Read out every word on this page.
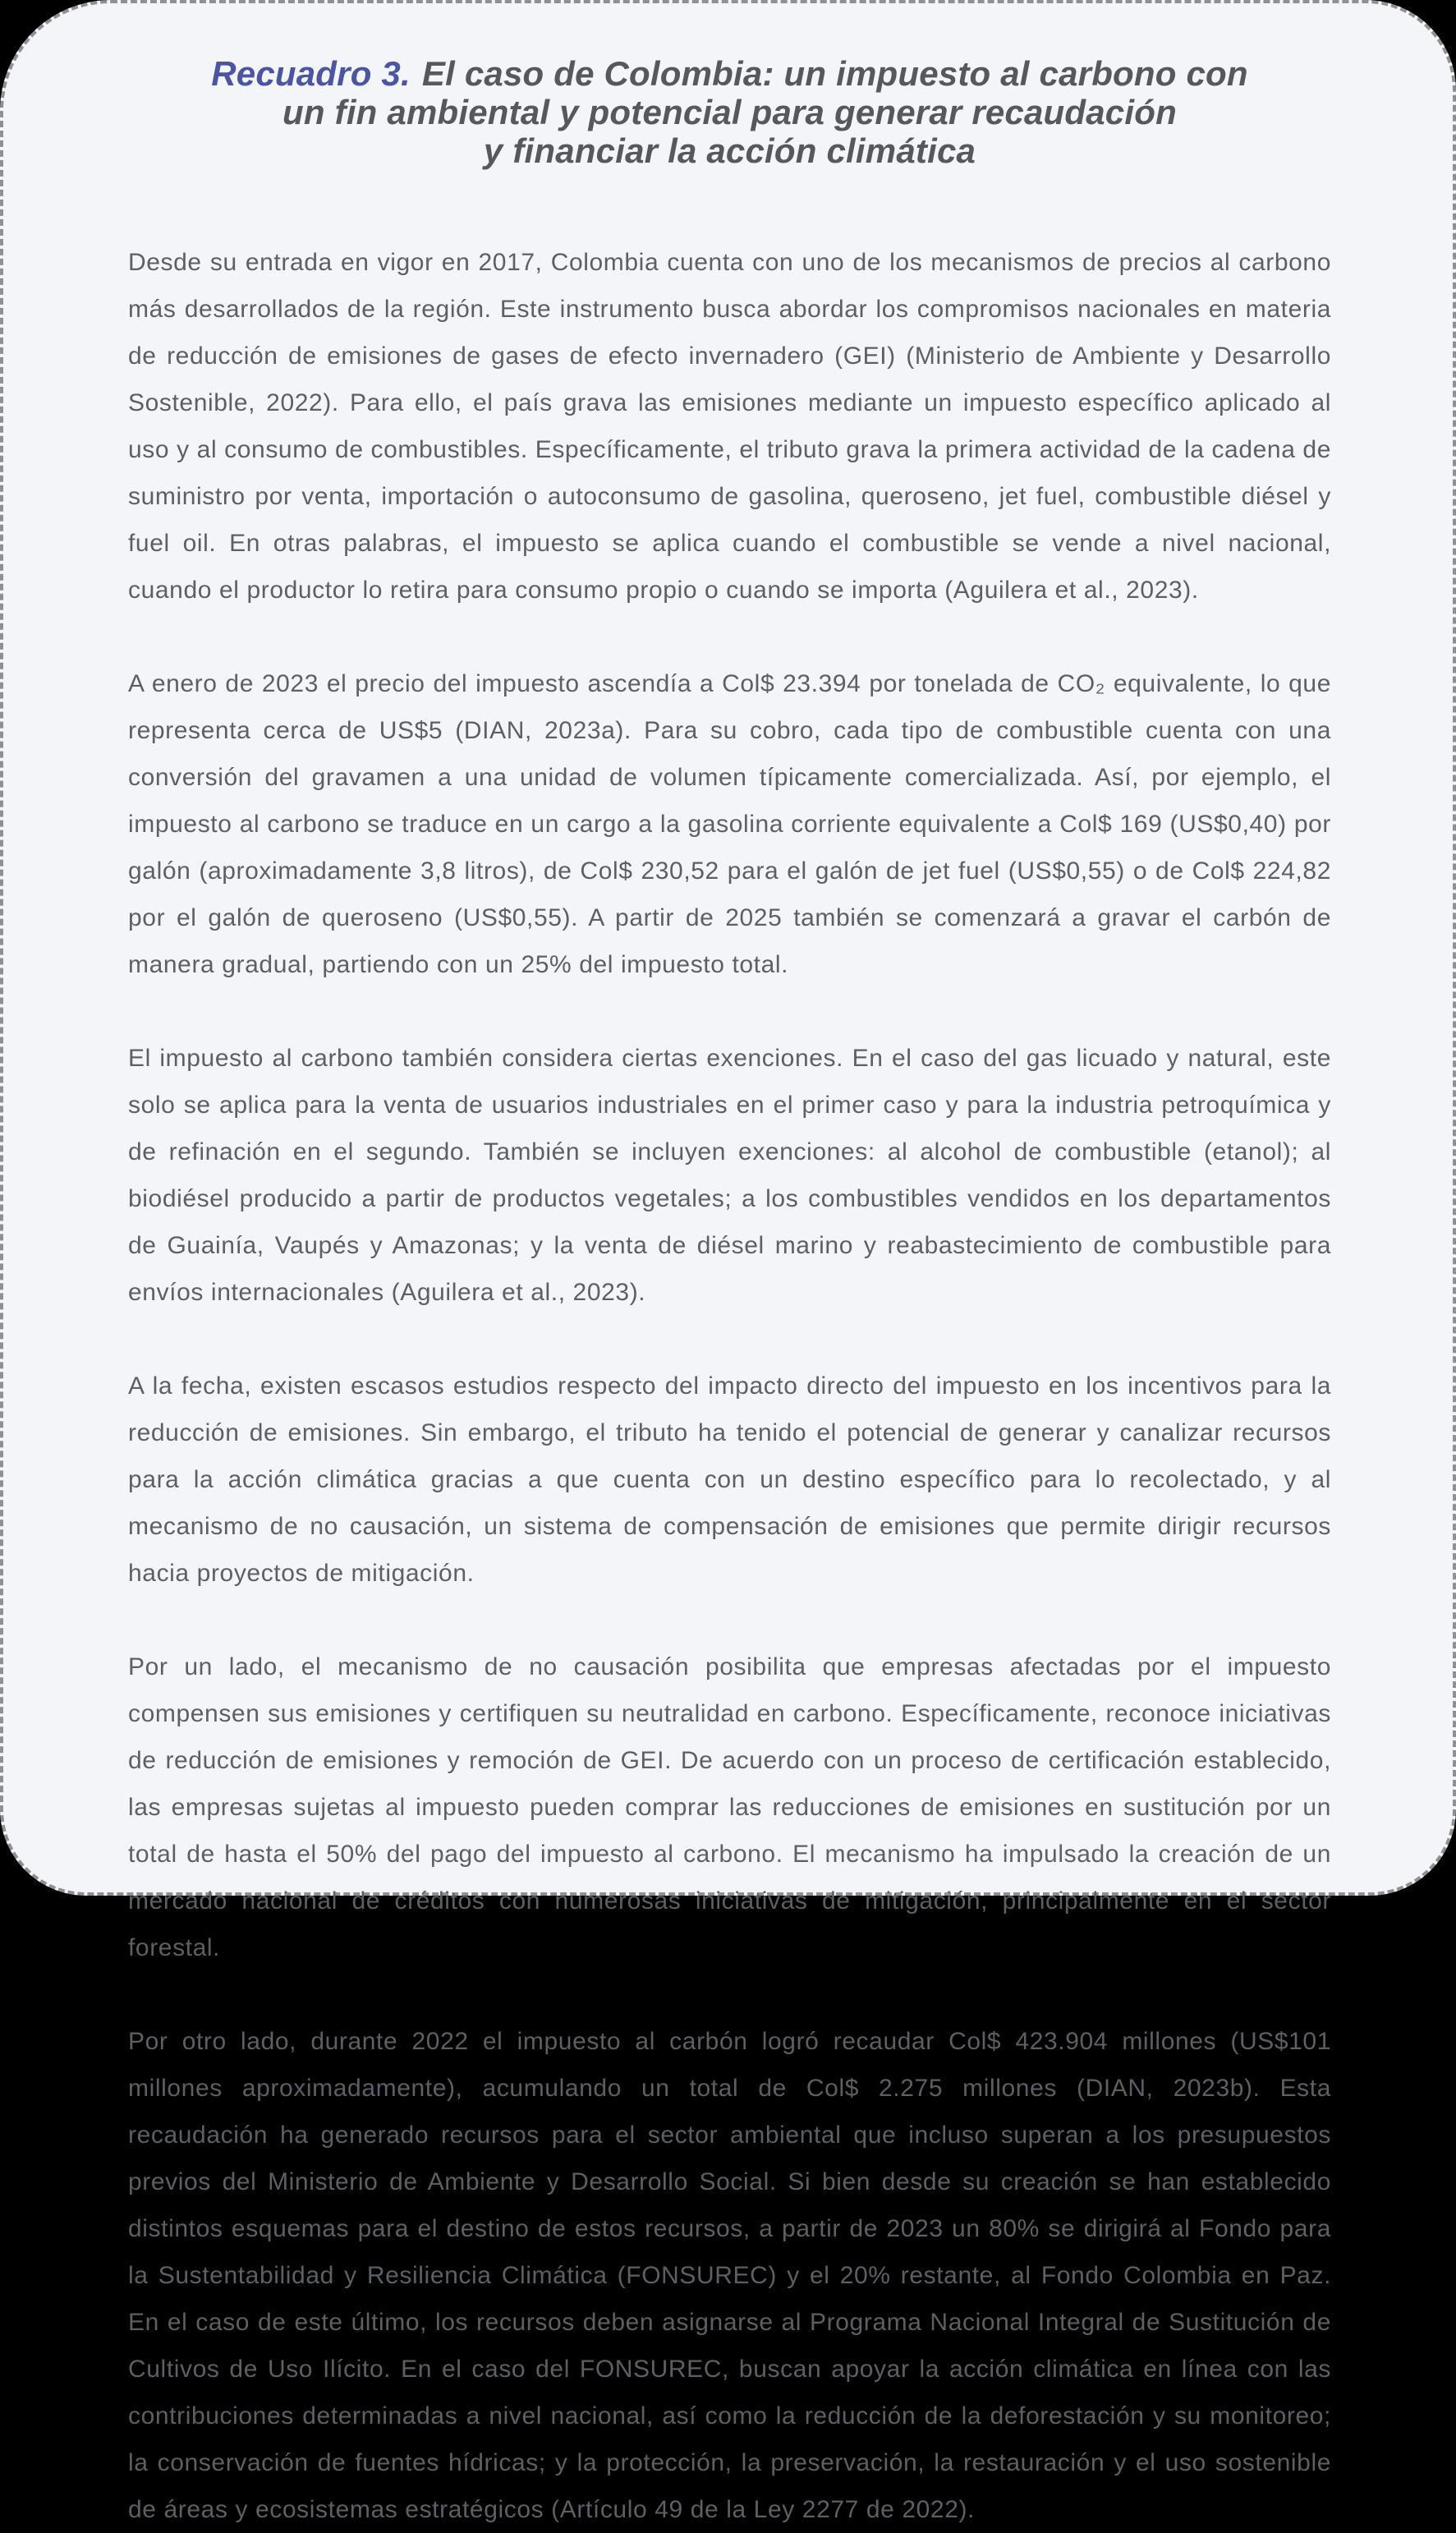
Recuadro 3. El caso de Colombia: un impuesto al carbono con
un fin ambiental y potencial para generar recaudación
y financiar la acción climática

Desde su entrada en vigor en 2017, Colombia cuenta con uno de los mecanismos de precios al carbono más desarrollados de la región. Este instrumento busca abordar los compromisos nacionales en materia de reducción de emisiones de gases de efecto invernadero (GEI) (Ministerio de Ambiente y Desarrollo Sostenible, 2022). Para ello, el país grava las emisiones mediante un impuesto específico aplicado al uso y al consumo de combustibles. Específicamente, el tributo grava la primera actividad de la cadena de suministro por venta, importación o autoconsumo de gasolina, queroseno, jet fuel, combustible diésel y fuel oil. En otras palabras, el impuesto se aplica cuando el combustible se vende a nivel nacional, cuando el productor lo retira para consumo propio o cuando se importa (Aguilera et al., 2023).

A enero de 2023 el precio del impuesto ascendía a Col$ 23.394 por tonelada de CO₂ equivalente, lo que representa cerca de US$5 (DIAN, 2023a). Para su cobro, cada tipo de combustible cuenta con una conversión del gravamen a una unidad de volumen típicamente comercializada. Así, por ejemplo, el impuesto al carbono se traduce en un cargo a la gasolina corriente equivalente a Col$ 169 (US$0,40) por galón (aproximadamente 3,8 litros), de Col$ 230,52 para el galón de jet fuel (US$0,55) o de Col$ 224,82 por el galón de queroseno (US$0,55). A partir de 2025 también se comenzará a gravar el carbón de manera gradual, partiendo con un 25% del impuesto total.

El impuesto al carbono también considera ciertas exenciones. En el caso del gas licuado y natural, este solo se aplica para la venta de usuarios industriales en el primer caso y para la industria petroquímica y de refinación en el segundo. También se incluyen exenciones: al alcohol de combustible (etanol); al biodiésel producido a partir de productos vegetales; a los combustibles vendidos en los departamentos de Guainía, Vaupés y Amazonas; y la venta de diésel marino y reabastecimiento de combustible para envíos internacionales (Aguilera et al., 2023).

A la fecha, existen escasos estudios respecto del impacto directo del impuesto en los incentivos para la reducción de emisiones. Sin embargo, el tributo ha tenido el potencial de generar y canalizar recursos para la acción climática gracias a que cuenta con un destino específico para lo recolectado, y al mecanismo de no causación, un sistema de compensación de emisiones que permite dirigir recursos hacia proyectos de mitigación.

Por un lado, el mecanismo de no causación posibilita que empresas afectadas por el impuesto compensen sus emisiones y certifiquen su neutralidad en carbono. Específicamente, reconoce iniciativas de reducción de emisiones y remoción de GEI. De acuerdo con un proceso de certificación establecido, las empresas sujetas al impuesto pueden comprar las reducciones de emisiones en sustitución por un total de hasta el 50% del pago del impuesto al carbono. El mecanismo ha impulsado la creación de un mercado nacional de créditos con numerosas iniciativas de mitigación, principalmente en el sector forestal.

Por otro lado, durante 2022 el impuesto al carbón logró recaudar Col$ 423.904 millones (US$101 millones aproximadamente), acumulando un total de Col$ 2.275 millones (DIAN, 2023b). Esta recaudación ha generado recursos para el sector ambiental que incluso superan a los presupuestos previos del Ministerio de Ambiente y Desarrollo Social. Si bien desde su creación se han establecido distintos esquemas para el destino de estos recursos, a partir de 2023 un 80% se dirigirá al Fondo para la Sustentabilidad y Resiliencia Climática (FONSUREC) y el 20% restante, al Fondo Colombia en Paz. En el caso de este último, los recursos deben asignarse al Programa Nacional Integral de Sustitución de Cultivos de Uso Ilícito. En el caso del FONSUREC, buscan apoyar la acción climática en línea con las contribuciones determinadas a nivel nacional, así como la reducción de la deforestación y su monitoreo; la conservación de fuentes hídricas; y la protección, la preservación, la restauración y el uso sostenible de áreas y ecosistemas estratégicos (Artículo 49 de la Ley 2277 de 2022).
